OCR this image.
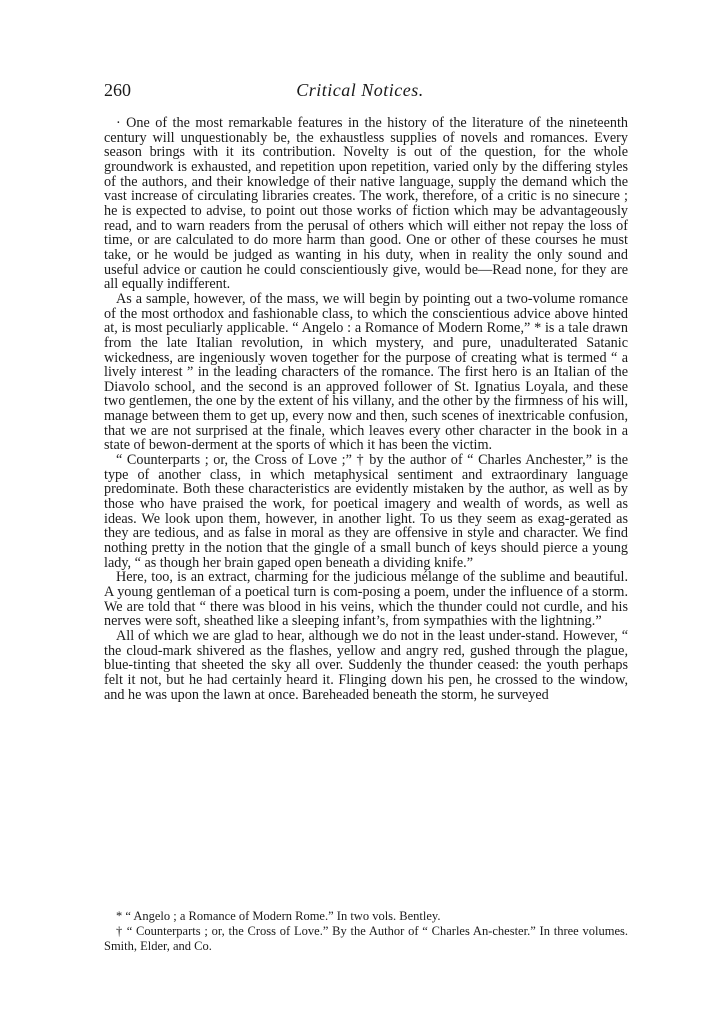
260	Critical Notices.

· One of the most remarkable features in the history of the literature of the nineteenth century will unquestionably be, the exhaustless supplies of novels and romances. Every season brings with it its contribution. Novelty is out of the question, for the whole groundwork is exhausted, and repetition upon repetition, varied only by the differing styles of the authors, and their knowledge of their native language, supply the demand which the vast increase of circulating libraries creates. The work, therefore, of a critic is no sinecure ; he is expected to advise, to point out those works of fiction which may be advantageously read, and to warn readers from the perusal of others which will either not repay the loss of time, or are calculated to do more harm than good. One or other of these courses he must take, or he would be judged as wanting in his duty, when in reality the only sound and useful advice or caution he could conscientiously give, would be—Read none, for they are all equally indifferent.

As a sample, however, of the mass, we will begin by pointing out a two-volume romance of the most orthodox and fashionable class, to which the conscientious advice above hinted at, is most peculiarly applicable. “ Angelo : a Romance of Modern Rome,” * is a tale drawn from the late Italian revolution, in which mystery, and pure, unadulterated Satanic wickedness, are ingeniously woven together for the purpose of creating what is termed “ a lively interest ” in the leading characters of the romance. The first hero is an Italian of the Diavolo school, and the second is an approved follower of St. Ignatius Loyala, and these two gentlemen, the one by the extent of his villany, and the other by the firmness of his will, manage between them to get up, every now and then, such scenes of inextricable confusion, that we are not surprised at the finale, which leaves every other character in the book in a state of bewon-derment at the sports of which it has been the victim.

“ Counterparts ; or, the Cross of Love ;” † by the author of “ Charles Anchester,” is the type of another class, in which metaphysical sentiment and extraordinary language predominate. Both these characteristics are evidently mistaken by the author, as well as by those who have praised the work, for poetical imagery and wealth of words, as well as ideas. We look upon them, however, in another light. To us they seem as exag-gerated as they are tedious, and as false in moral as they are offensive in style and character. We find nothing pretty in the notion that the gingle of a small bunch of keys should pierce a young lady, “ as though her brain gaped open beneath a dividing knife.”

Here, too, is an extract, charming for the judicious mélange of the sublime and beautiful. A young gentleman of a poetical turn is com-posing a poem, under the influence of a storm. We are told that “ there was blood in his veins, which the thunder could not curdle, and his nerves were soft, sheathed like a sleeping infant’s, from sympathies with the lightning.”

All of which we are glad to hear, although we do not in the least under-stand. However, “ the cloud-mark shivered as the flashes, yellow and angry red, gushed through the plague, blue-tinting that sheeted the sky all over. Suddenly the thunder ceased: the youth perhaps felt it not, but he had certainly heard it. Flinging down his pen, he crossed to the window, and he was upon the lawn at once. Bareheaded beneath the storm, he surveyed

* “ Angelo ; a Romance of Modern Rome.” In two vols. Bentley.

† “ Counterparts ; or, the Cross of Love.” By the Author of “ Charles An-chester.” In three volumes. Smith, Elder, and Co.
